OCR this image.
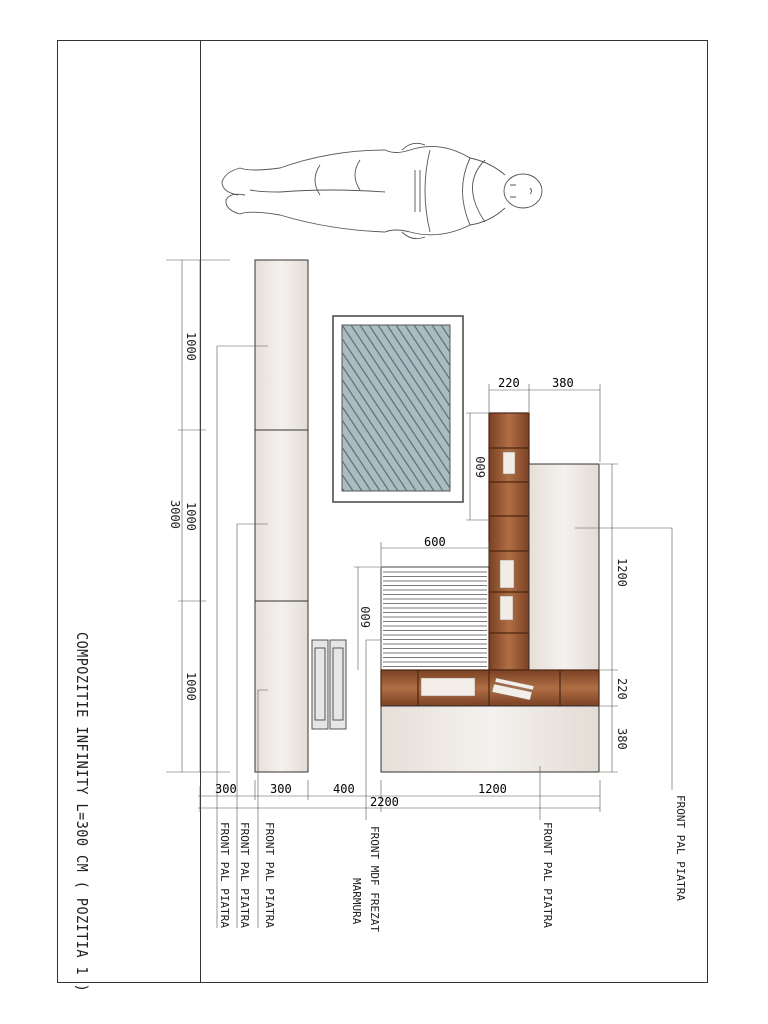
COMPOZITIE INFINITY L=300 CM ( POZITIA 1 )
1000
3000 1000
1000
220	380
600
600
600
1200
220
380
300	300	400
2200
1200
FRONT PAL PIATRA FRONT PAL PIATRA FRONT PAL PIATRA	FRONT MDF FREZAT
MARMURA	FRONT PAL PIATRA	FRONT PAL PIATRA
